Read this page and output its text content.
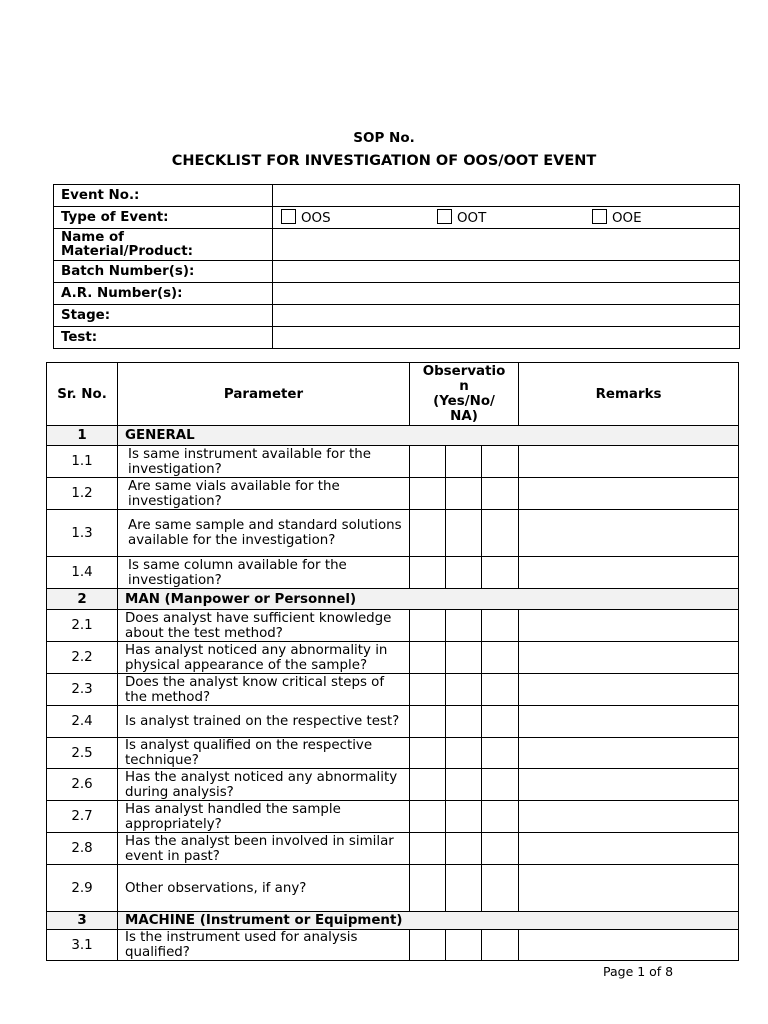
SOP No.
CHECKLIST FOR INVESTIGATION OF OOS/OOT EVENT
Event No.:	
Type of Event:	OOS OOT OOE

Name of
Material/Product:	
Batch Number(s):	
A.R. Number(s):	
Stage:	
Test:	
Sr. No.	Parameter	Observatio
n
(Yes/No/
NA)			Remarks
1	GENERAL				
1.1	Is same instrument available for the investigation?				
1.2	Are same vials available for the investigation?				
1.3	Are same sample and standard solutions available for the investigation?				
1.4	Is same column available for the investigation?				
2	MAN (Manpower or Personnel)				
2.1	Does analyst have sufficient knowledge about the test method?				
2.2	Has analyst noticed any abnormality in physical appearance of the sample?				
2.3	Does the analyst know critical steps of the method?				
2.4	Is analyst trained on the respective test?				
2.5	Is analyst qualified on the respective technique?				
2.6	Has the analyst noticed any abnormality during analysis?				
2.7	Has analyst handled the sample appropriately?				
2.8	Has the analyst been involved in similar event in past?				
2.9	Other observations, if any?				
3	MACHINE (Instrument or Equipment)				
3.1	Is the instrument used for analysis qualified?				
Page 1 of 8
